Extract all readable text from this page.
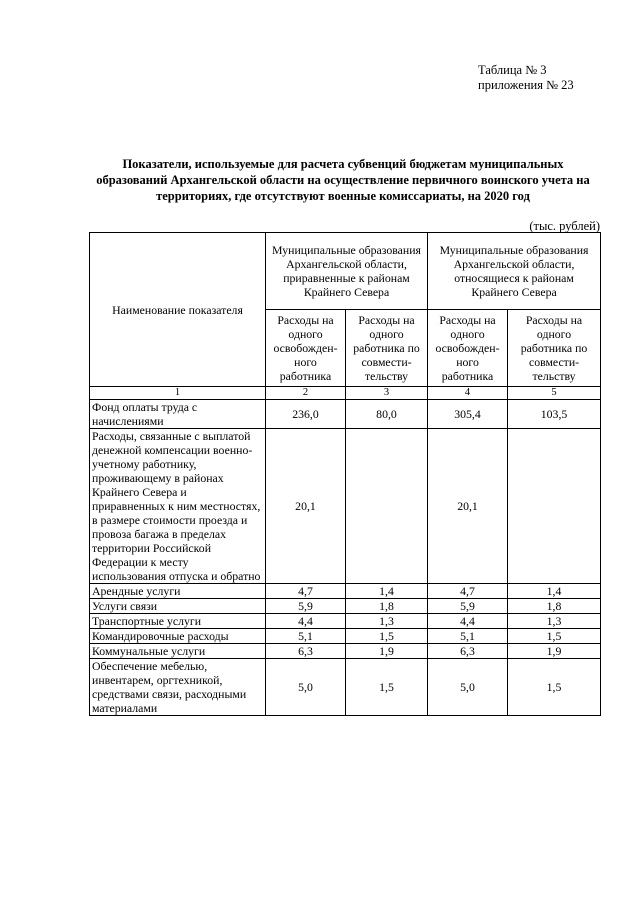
Таблица № 3
приложения № 23
Показатели, используемые для расчета субвенций бюджетам муниципальных образований Архангельской области на осуществление первичного воинского учета на территориях, где отсутствуют военные комиссариаты, на 2020 год
(тыс. рублей)
Наименование показателя	Муниципальные образования Архангельской области, приравненные к районам Крайнего Севера		Муниципальные образования Архангельской области, относящиеся к районам Крайнего Севера	
	Расходы на одного освобожден-ного работника	Расходы на одного работника по совмести-тельству	Расходы на одного освобожден-ного работника	Расходы на одного работника по совмести-тельству
1	2	3	4	5
Фонд оплаты труда с начислениями	236,0	80,0	305,4	103,5
Расходы, связанные с выплатой денежной компенсации военно-учетному работнику, проживающему в районах Крайнего Севера и приравненных к ним местностях, в размере стоимости проезда и провоза багажа в пределах территории Российской Федерации к месту использования отпуска и обратно	20,1		20,1	
Арендные услуги	4,7	1,4	4,7	1,4
Услуги связи	5,9	1,8	5,9	1,8
Транспортные услуги	4,4	1,3	4,4	1,3
Командировочные расходы	5,1	1,5	5,1	1,5
Коммунальные услуги	6,3	1,9	6,3	1,9
Обеспечение мебелью, инвентарем, оргтехникой, средствами связи, расходными материалами	5,0	1,5	5,0	1,5
